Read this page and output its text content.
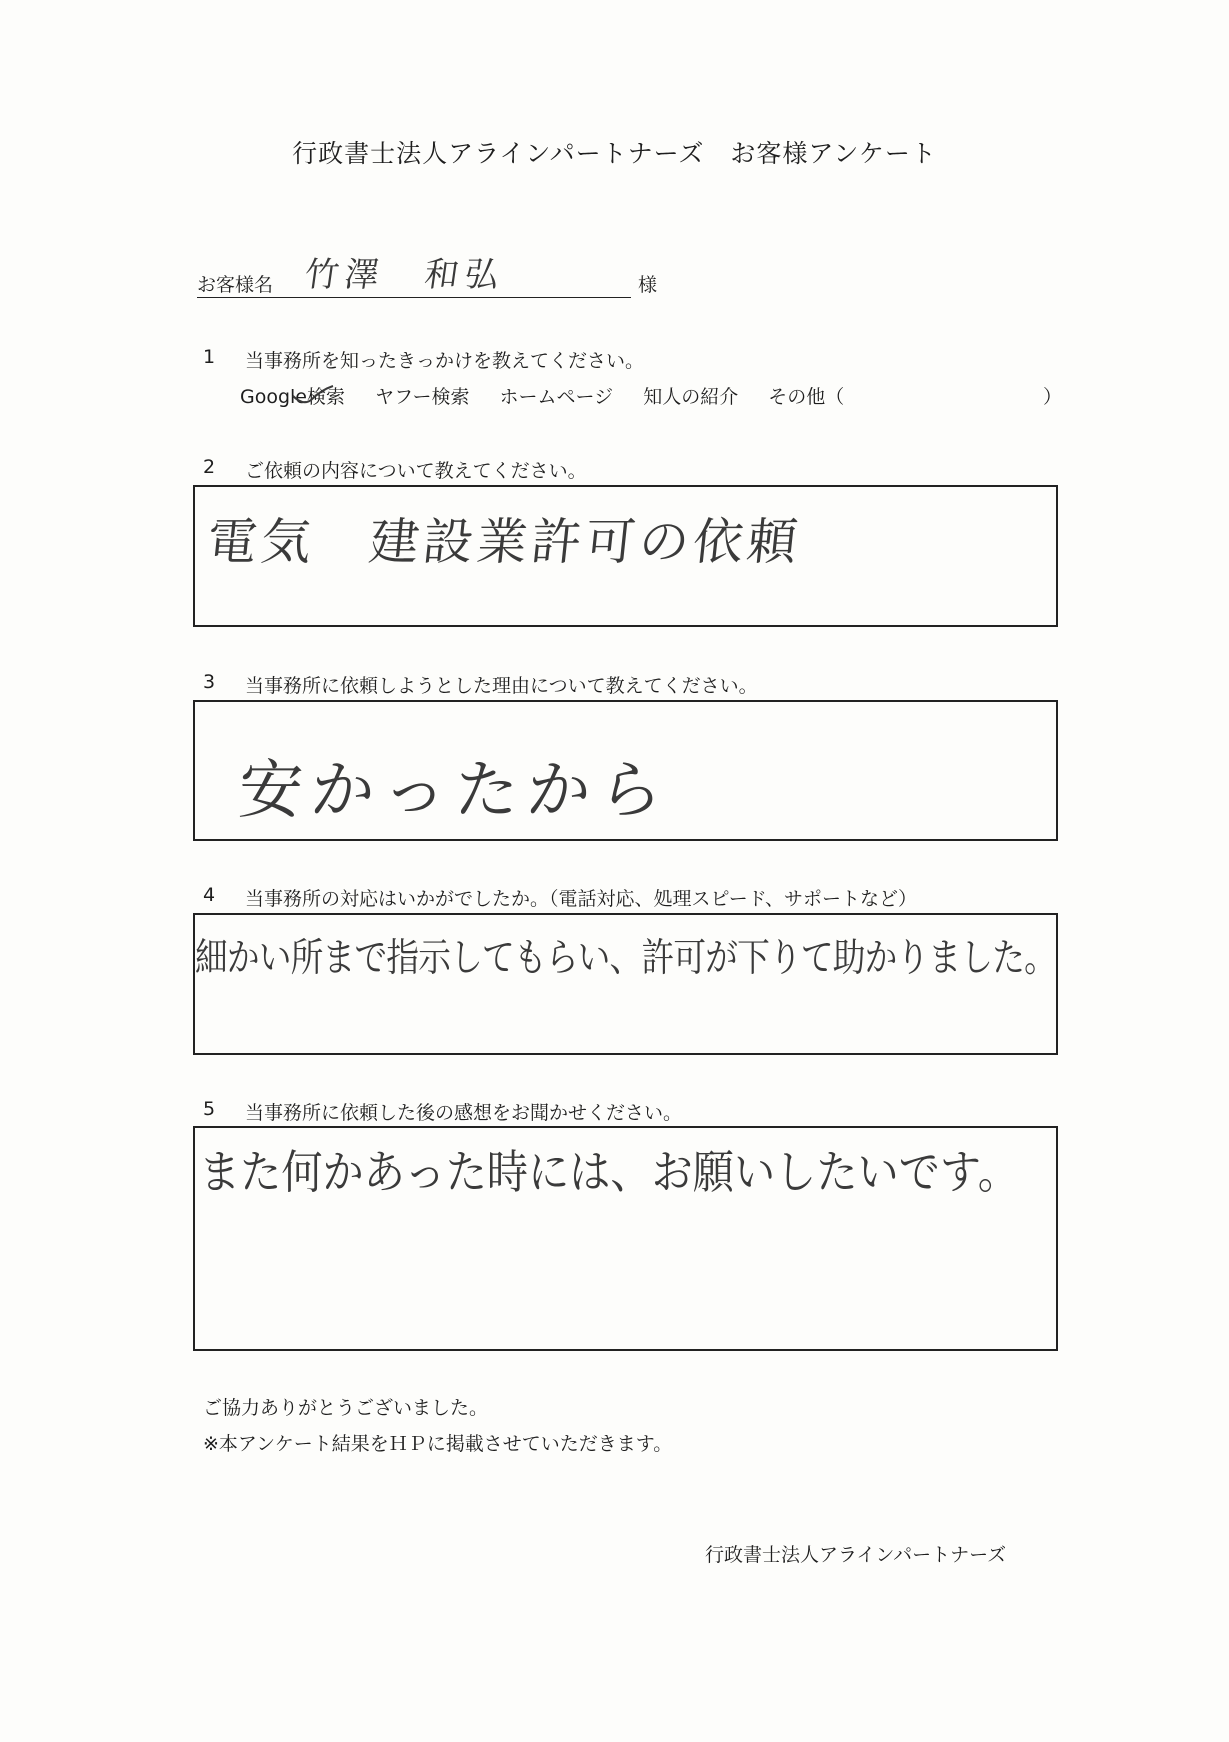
行政書士法人アラインパートナーズ　お客様アンケート
お客様名	様
竹澤　和弘
1 当事務所を知ったきっかけを教えてください。
Google検索 ヤフー検索 ホームページ 知人の紹介 その他（	）
2 ご依頼の内容について教えてください。
電気　建設業許可の依頼
3 当事務所に依頼しようとした理由について教えてください。
安かったから
4 当事務所の対応はいかがでしたか。（電話対応、処理スピード、サポートなど）
細かい所まで指示してもらい、許可が下りて助かりました。
5 当事務所に依頼した後の感想をお聞かせください。
また何かあった時には、お願いしたいです。
ご協力ありがとうございました。
※本アンケート結果をＨＰに掲載させていただきます。
行政書士法人アラインパートナーズ
